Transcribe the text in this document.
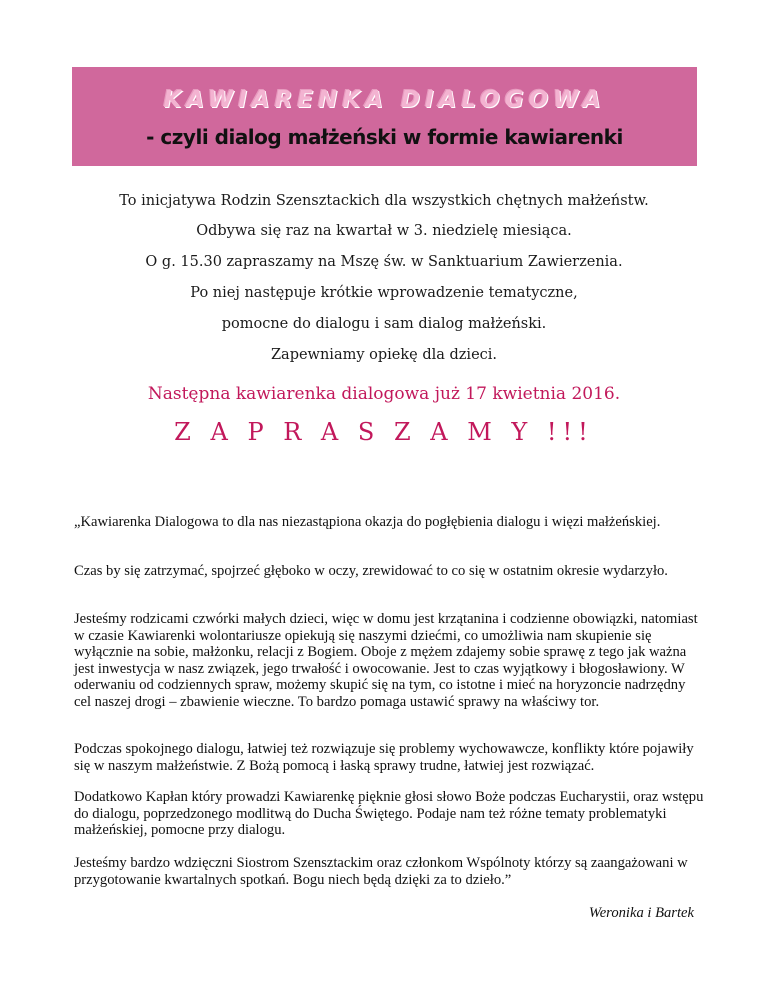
KAWIARENKA DIALOGOWA
- czyli dialog małżeński w formie kawiarenki
To inicjatywa Rodzin Szensztackich dla wszystkich chętnych małżeństw.
Odbywa się raz na kwartał w 3. niedzielę miesiąca.
O g. 15.30 zapraszamy na Mszę św. w Sanktuarium Zawierzenia.
Po niej następuje krótkie wprowadzenie tematyczne,
pomocne do dialogu i sam dialog małżeński.
Zapewniamy opiekę dla dzieci.
Następna kawiarenka dialogowa już 17 kwietnia 2016.
Z A P R A S Z A M Y !!!
„Kawiarenka Dialogowa to dla nas niezastąpiona okazja do pogłębienia dialogu i więzi małżeńskiej.
Czas by się zatrzymać, spojrzeć głęboko w oczy, zrewidować to co się w ostatnim okresie wydarzyło.
Jesteśmy rodzicami czwórki małych dzieci, więc w domu jest krzątanina i codzienne obowiązki, natomiast w czasie Kawiarenki wolontariusze opiekują się naszymi dziećmi, co umożliwia nam skupienie się wyłącznie na sobie, małżonku, relacji z Bogiem. Oboje z mężem zdajemy sobie sprawę z tego jak ważna jest inwestycja w nasz związek, jego trwałość i owocowanie. Jest to czas wyjątkowy i błogosławiony. W oderwaniu od codziennych spraw, możemy skupić się na tym, co istotne i mieć na horyzoncie nadrzędny cel naszej drogi – zbawienie wieczne. To bardzo pomaga ustawić sprawy na właściwy tor.
Podczas spokojnego dialogu, łatwiej też rozwiązuje się problemy wychowawcze, konflikty które pojawiły się w naszym małżeństwie. Z Bożą pomocą i łaską sprawy trudne, łatwiej jest rozwiązać.
Dodatkowo Kapłan który prowadzi Kawiarenkę pięknie głosi słowo Boże podczas Eucharystii, oraz wstępu do dialogu, poprzedzonego modlitwą do Ducha Świętego. Podaje nam też różne tematy problematyki małżeńskiej, pomocne przy dialogu.
Jesteśmy bardzo wdzięczni Siostrom Szensztackim oraz członkom Wspólnoty którzy są zaangażowani w przygotowanie kwartalnych spotkań. Bogu niech będą dzięki za to dzieło.”
Weronika i Bartek
